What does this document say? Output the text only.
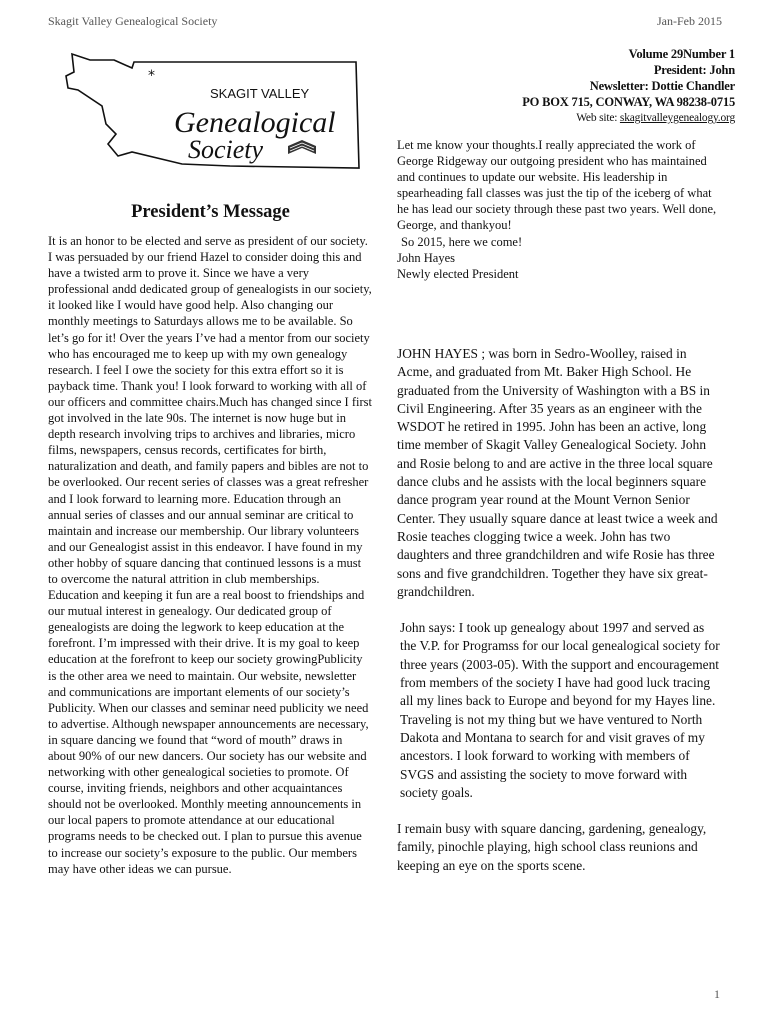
Skagit Valley Genealogical Society	Jan-Feb 2015
*
SKAGIT VALLEY
Genealogical
Society
Volume 29Number 1
President: John
Newsletter: Dottie Chandler
PO BOX 715, CONWAY, WA 98238-0715
Web site: skagitvalleygenealogy.org
President’s Message

It is an honor to be elected and serve as president of our society. I was persuaded by our friend Hazel to consider doing this and have a twisted arm to prove it. Since we have a very professional andd dedicated group of genealogists in our society, it looked like I would have good help. Also changing our monthly meetings to Saturdays allows me to be available. So let’s go for it! Over the years I’ve had a mentor from our society who has encouraged me to keep up with my own genealogy research. I feel I owe the society for this extra effort so it is payback time. Thank you! I look forward to working with all of our officers and committee chairs.Much has changed since I first got involved in the late 90s. The internet is now huge but in depth research involving trips to archives and libraries, micro films, newspapers, census records, certificates for birth, naturalization and death, and family papers and bibles are not to be overlooked. Our recent series of classes was a great refresher and I look forward to learning more. Education through an annual series of classes and our annual seminar are critical to maintain and increase our membership. Our library volunteers and our Genealogist assist in this endeavor. I have found in my other hobby of square dancing that continued lessons is a must to overcome the natural attrition in club memberships. Education and keeping it fun are a real boost to friendships and our mutual interest in genealogy. Our dedicated group of genealogists are doing the legwork to keep education at the forefront. I’m impressed with their drive. It is my goal to keep education at the forefront to keep our society growingPublicity is the other area we need to maintain. Our website, newsletter and communications are important elements of our society’s Publicity. When our classes and seminar need publicity we need to advertise. Although newspaper announcements are necessary, in square dancing we found that “word of mouth” draws in about 90% of our new dancers. Our society has our website and networking with other genealogical societies to promote. Of course, inviting friends, neighbors and other acquaintances should not be overlooked. Monthly meeting announcements in our local papers to promote attendance at our educational programs needs to be checked out. I plan to pursue this avenue to increase our society’s exposure to the public. Our members may have other ideas we can pursue.

Let me know your thoughts.I really appreciated the work of George Ridgeway our outgoing president who has maintained and continues to update our website. His leadership in spearheading fall classes was just the tip of the iceberg of what he has lead our society through these past two years. Well done, George, and thankyou!

So 2015, here we come!

John Hayes

Newly elected President

JOHN HAYES ; was born in Sedro-Woolley, raised in Acme, and graduated from Mt. Baker High School. He graduated from the University of Washington with a BS in Civil Engineering. After 35 years as an engineer with the WSDOT he retired in 1995. John has been an active, long time member of Skagit Valley Genealogical Society. John and Rosie belong to and are active in the three local square dance clubs and he assists with the local beginners square dance program year round at the Mount Vernon Senior Center. They usually square dance at least twice a week and Rosie teaches clogging twice a week. John has two daughters and three grandchildren and wife Rosie has three sons and five grandchildren. Together they have six great-grandchildren.

John says: I took up genealogy about 1997 and served as the V.P. for Programss for our local genealogical society for three years (2003-05). With the support and encouragement from members of the society I have had good luck tracing all my lines back to Europe and beyond for my Hayes line. Traveling is not my thing but we have ventured to North Dakota and Montana to search for and visit graves of my ancestors. I look forward to working with members of SVGS and assisting the society to move forward with society goals.

I remain busy with square dancing, gardening, genealogy, family, pinochle playing, high school class reunions and keeping an eye on the sports scene.

1
